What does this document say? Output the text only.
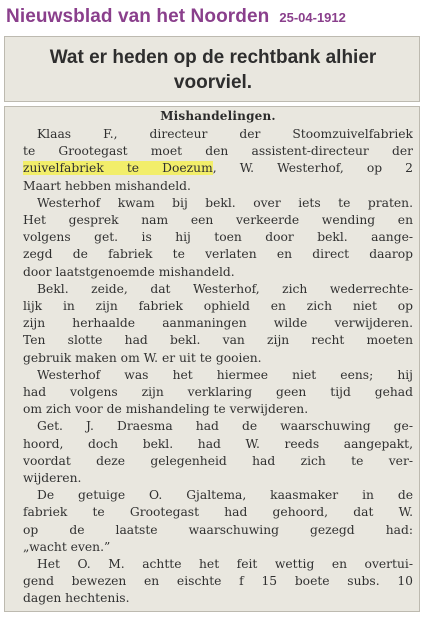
Nieuwsblad van het Noorden 25-04-1912

Wat er heden op de rechtbank alhier
voorviel.

Mishandelingen.
Klaas F., directeur der Stoomzuivelfabriek
te Grootegast moet den assistent-directeur der
zuivelfabriek te Doezum, W. Westerhof, op 2
Maart hebben mishandeld.
Westerhof kwam bij bekl. over iets te praten.
Het gesprek nam een verkeerde wending en
volgens get. is hij toen door bekl. aange-
zegd de fabriek te verlaten en direct daarop
door laatstgenoemde mishandeld.
Bekl. zeide, dat Westerhof, zich wederrechte-
lijk in zijn fabriek ophield en zich niet op
zijn herhaalde aanmaningen wilde verwijderen.
Ten slotte had bekl. van zijn recht moeten
gebruik maken om W. er uit te gooien.
Westerhof was het hiermee niet eens; hij
had volgens zijn verklaring geen tijd gehad
om zich voor de mishandeling te verwijderen.
Get. J. Draesma had de waarschuwing ge-
hoord, doch bekl. had W. reeds aangepakt,
voordat deze gelegenheid had zich te ver-
wijderen.
De getuige O. Gjaltema, kaasmaker in de
fabriek te Grootegast had gehoord, dat W.
op de laatste waarschuwing gezegd had:
„wacht even.”
Het O. M. achtte het feit wettig en overtui-
gend bewezen en eischte f 15 boete subs. 10
dagen hechtenis.
